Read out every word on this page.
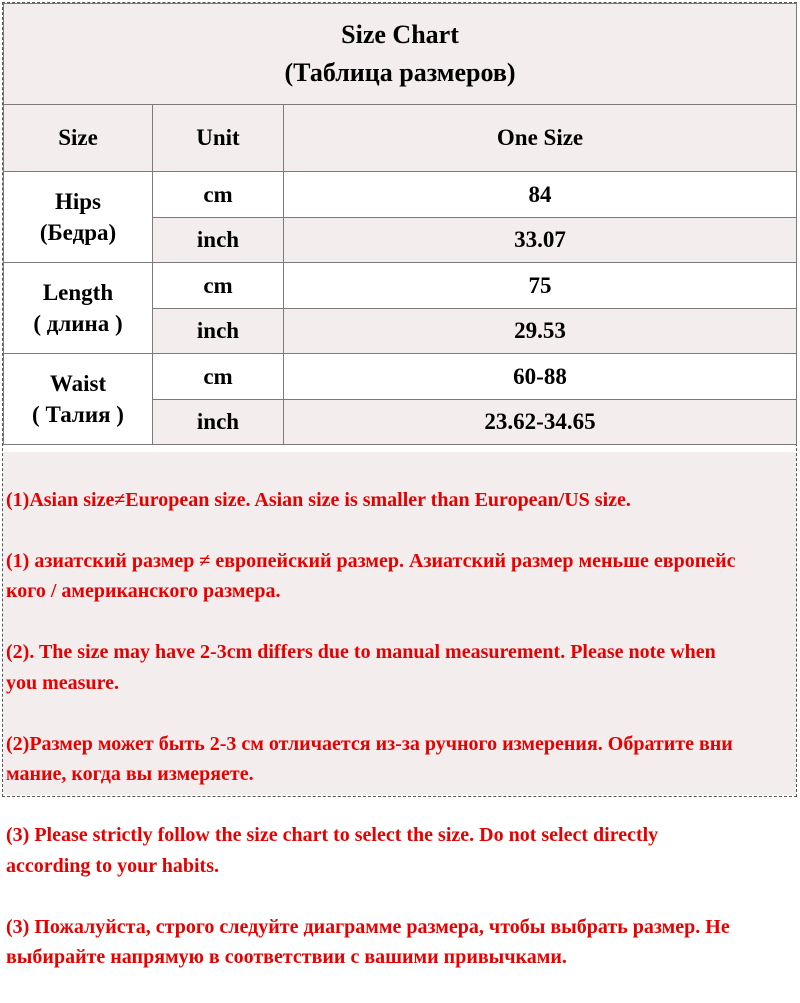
Size Chart
(Таблица размеров)		

Size	Unit	One Size

Hips
(Бедра)	cm	84
	inch	33.07

Length
( длина )	cm	75
	inch	29.53

Waist
( Талия )	cm	60-88
	inch	23.62-34.65

(1)Asian size≠European size. Asian size is smaller than European/US size.

(1) азиатский размер ≠ европейский размер. Азиатский размер меньше европейс
кого / американского размера.

(2). The size may have 2-3cm differs due to manual measurement. Please note when
you measure.

(2)Размер может быть 2-3 см отличается из-за ручного измерения. Обратите вни
мание, когда вы измеряете.

(3) Please strictly follow the size chart to select the size. Do not select directly
according to your habits.

(3) Пожалуйста, строго следуйте диаграмме размера, чтобы выбрать размер. Не
выбирайте напрямую в соответствии с вашими привычками.
